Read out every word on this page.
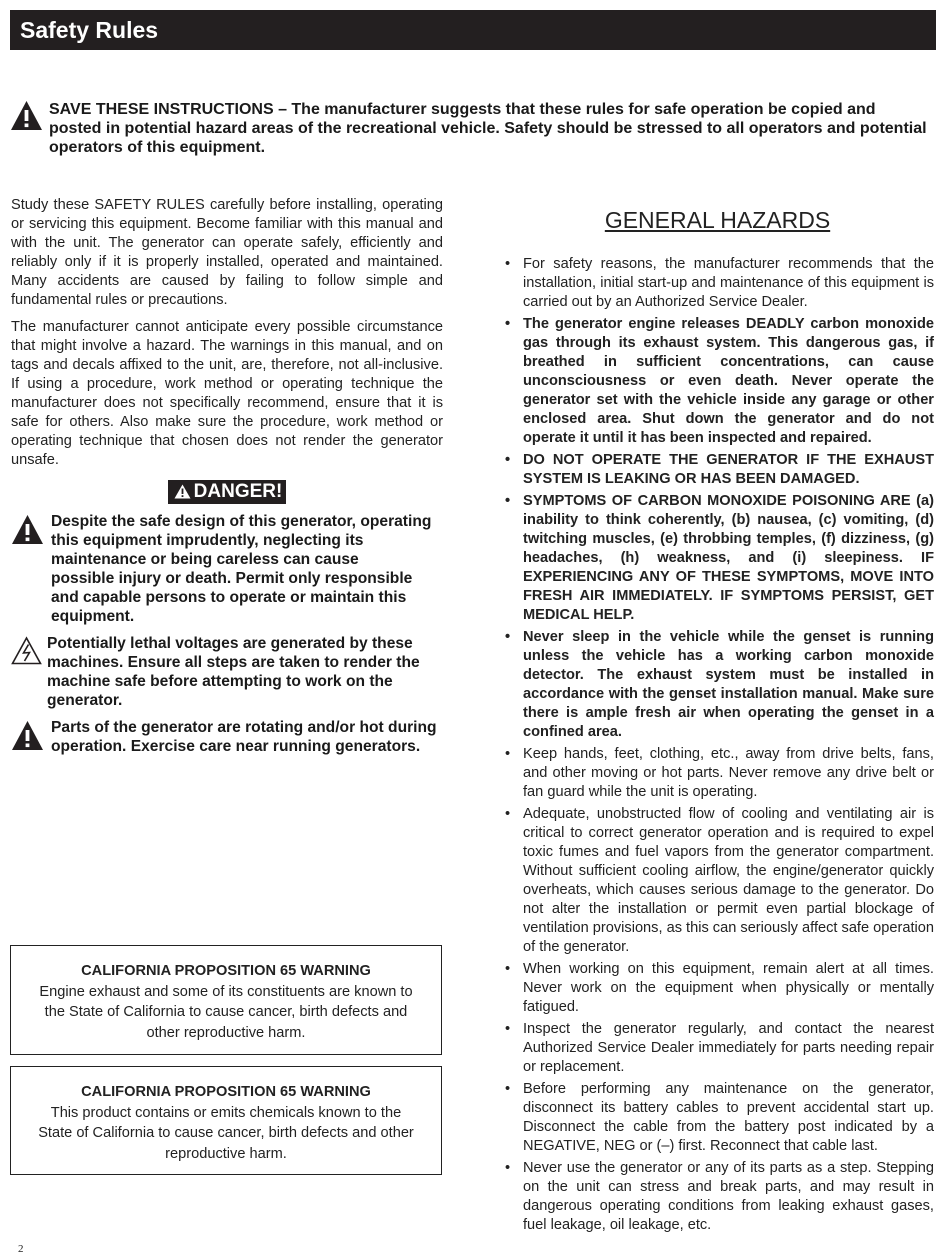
Safety Rules
SAVE THESE INSTRUCTIONS – The manufacturer suggests that these rules for safe operation be copied and posted in potential hazard areas of the recreational vehicle. Safety should be stressed to all operators and potential operators of this equipment.

Study these SAFETY RULES carefully before installing, operating or servicing this equipment. Become familiar with this manual and with the unit. The generator can operate safely, efficiently and reliably only if it is properly installed, operated and maintained. Many accidents are caused by failing to follow simple and fundamental rules or precautions.

The manufacturer cannot anticipate every possible circumstance that might involve a hazard. The warnings in this manual, and on tags and decals affixed to the unit, are, therefore, not all-inclusive. If using a procedure, work method or operating technique the manufacturer does not specifically recommend, ensure that it is safe for others. Also make sure the procedure, work method or operating technique that chosen does not render the generator unsafe.

DANGER!
Despite the safe design of this generator, operating this equipment imprudently, neglecting its maintenance or being careless can cause
possible injury or death. Permit only responsible and capable persons to operate or maintain this equipment.
Potentially lethal voltages are generated by these machines. Ensure all steps are taken to render the machine safe before attempting to work on the generator.
Parts of the generator are rotating and/or hot during operation. Exercise care near running generators.
CALIFORNIA PROPOSITION 65 WARNING
Engine exhaust and some of its constituents are known to the State of California to cause cancer, birth defects and other reproductive harm.
CALIFORNIA PROPOSITION 65 WARNING
This product contains or emits chemicals known to the State of California to cause cancer, birth defects and other reproductive harm.
GENERAL HAZARDS
• For safety reasons, the manufacturer recommends that the installation, initial start-up and maintenance of this equipment is carried out by an Authorized Service Dealer.
• The generator engine releases DEADLY carbon monoxide gas through its exhaust system. This dangerous gas, if breathed in sufficient concentrations, can cause unconsciousness or even death. Never operate the generator set with the vehicle inside any garage or other enclosed area. Shut down the generator and do not operate it until it has been inspected and repaired.
• DO NOT OPERATE THE GENERATOR IF THE EXHAUST SYSTEM IS LEAKING OR HAS BEEN DAMAGED.
• SYMPTOMS OF CARBON MONOXIDE POISONING ARE (a) inability to think coherently, (b) nausea, (c) vomiting, (d) twitching muscles, (e) throbbing temples, (f) dizziness, (g) headaches, (h) weakness, and (i) sleepiness. IF EXPERIENCING ANY OF THESE SYMPTOMS, MOVE INTO FRESH AIR IMMEDIATELY. IF SYMPTOMS PERSIST, GET MEDICAL HELP.
• Never sleep in the vehicle while the genset is running unless the vehicle has a working carbon monoxide detector. The exhaust system must be installed in accordance with the genset installation manual. Make sure there is ample fresh air when operating the genset in a confined area.
• Keep hands, feet, clothing, etc., away from drive belts, fans, and other moving or hot parts. Never remove any drive belt or fan guard while the unit is operating.
• Adequate, unobstructed flow of cooling and ventilating air is critical to correct generator operation and is required to expel toxic fumes and fuel vapors from the generator compartment. Without sufficient cooling airflow, the engine/generator quickly overheats, which causes serious damage to the generator. Do not alter the installation or permit even partial blockage of ventilation provisions, as this can seriously affect safe operation of the generator.
• When working on this equipment, remain alert at all times. Never work on the equipment when physically or mentally fatigued.
• Inspect the generator regularly, and contact the nearest Authorized Service Dealer immediately for parts needing repair or replacement.
• Before performing any maintenance on the generator, disconnect its battery cables to prevent accidental start up. Disconnect the cable from the battery post indicated by a NEGATIVE, NEG or (–) first. Reconnect that cable last.
• Never use the generator or any of its parts as a step. Stepping on the unit can stress and break parts, and may result in dangerous operating conditions from leaking exhaust gases, fuel leakage, oil leakage, etc.
2
